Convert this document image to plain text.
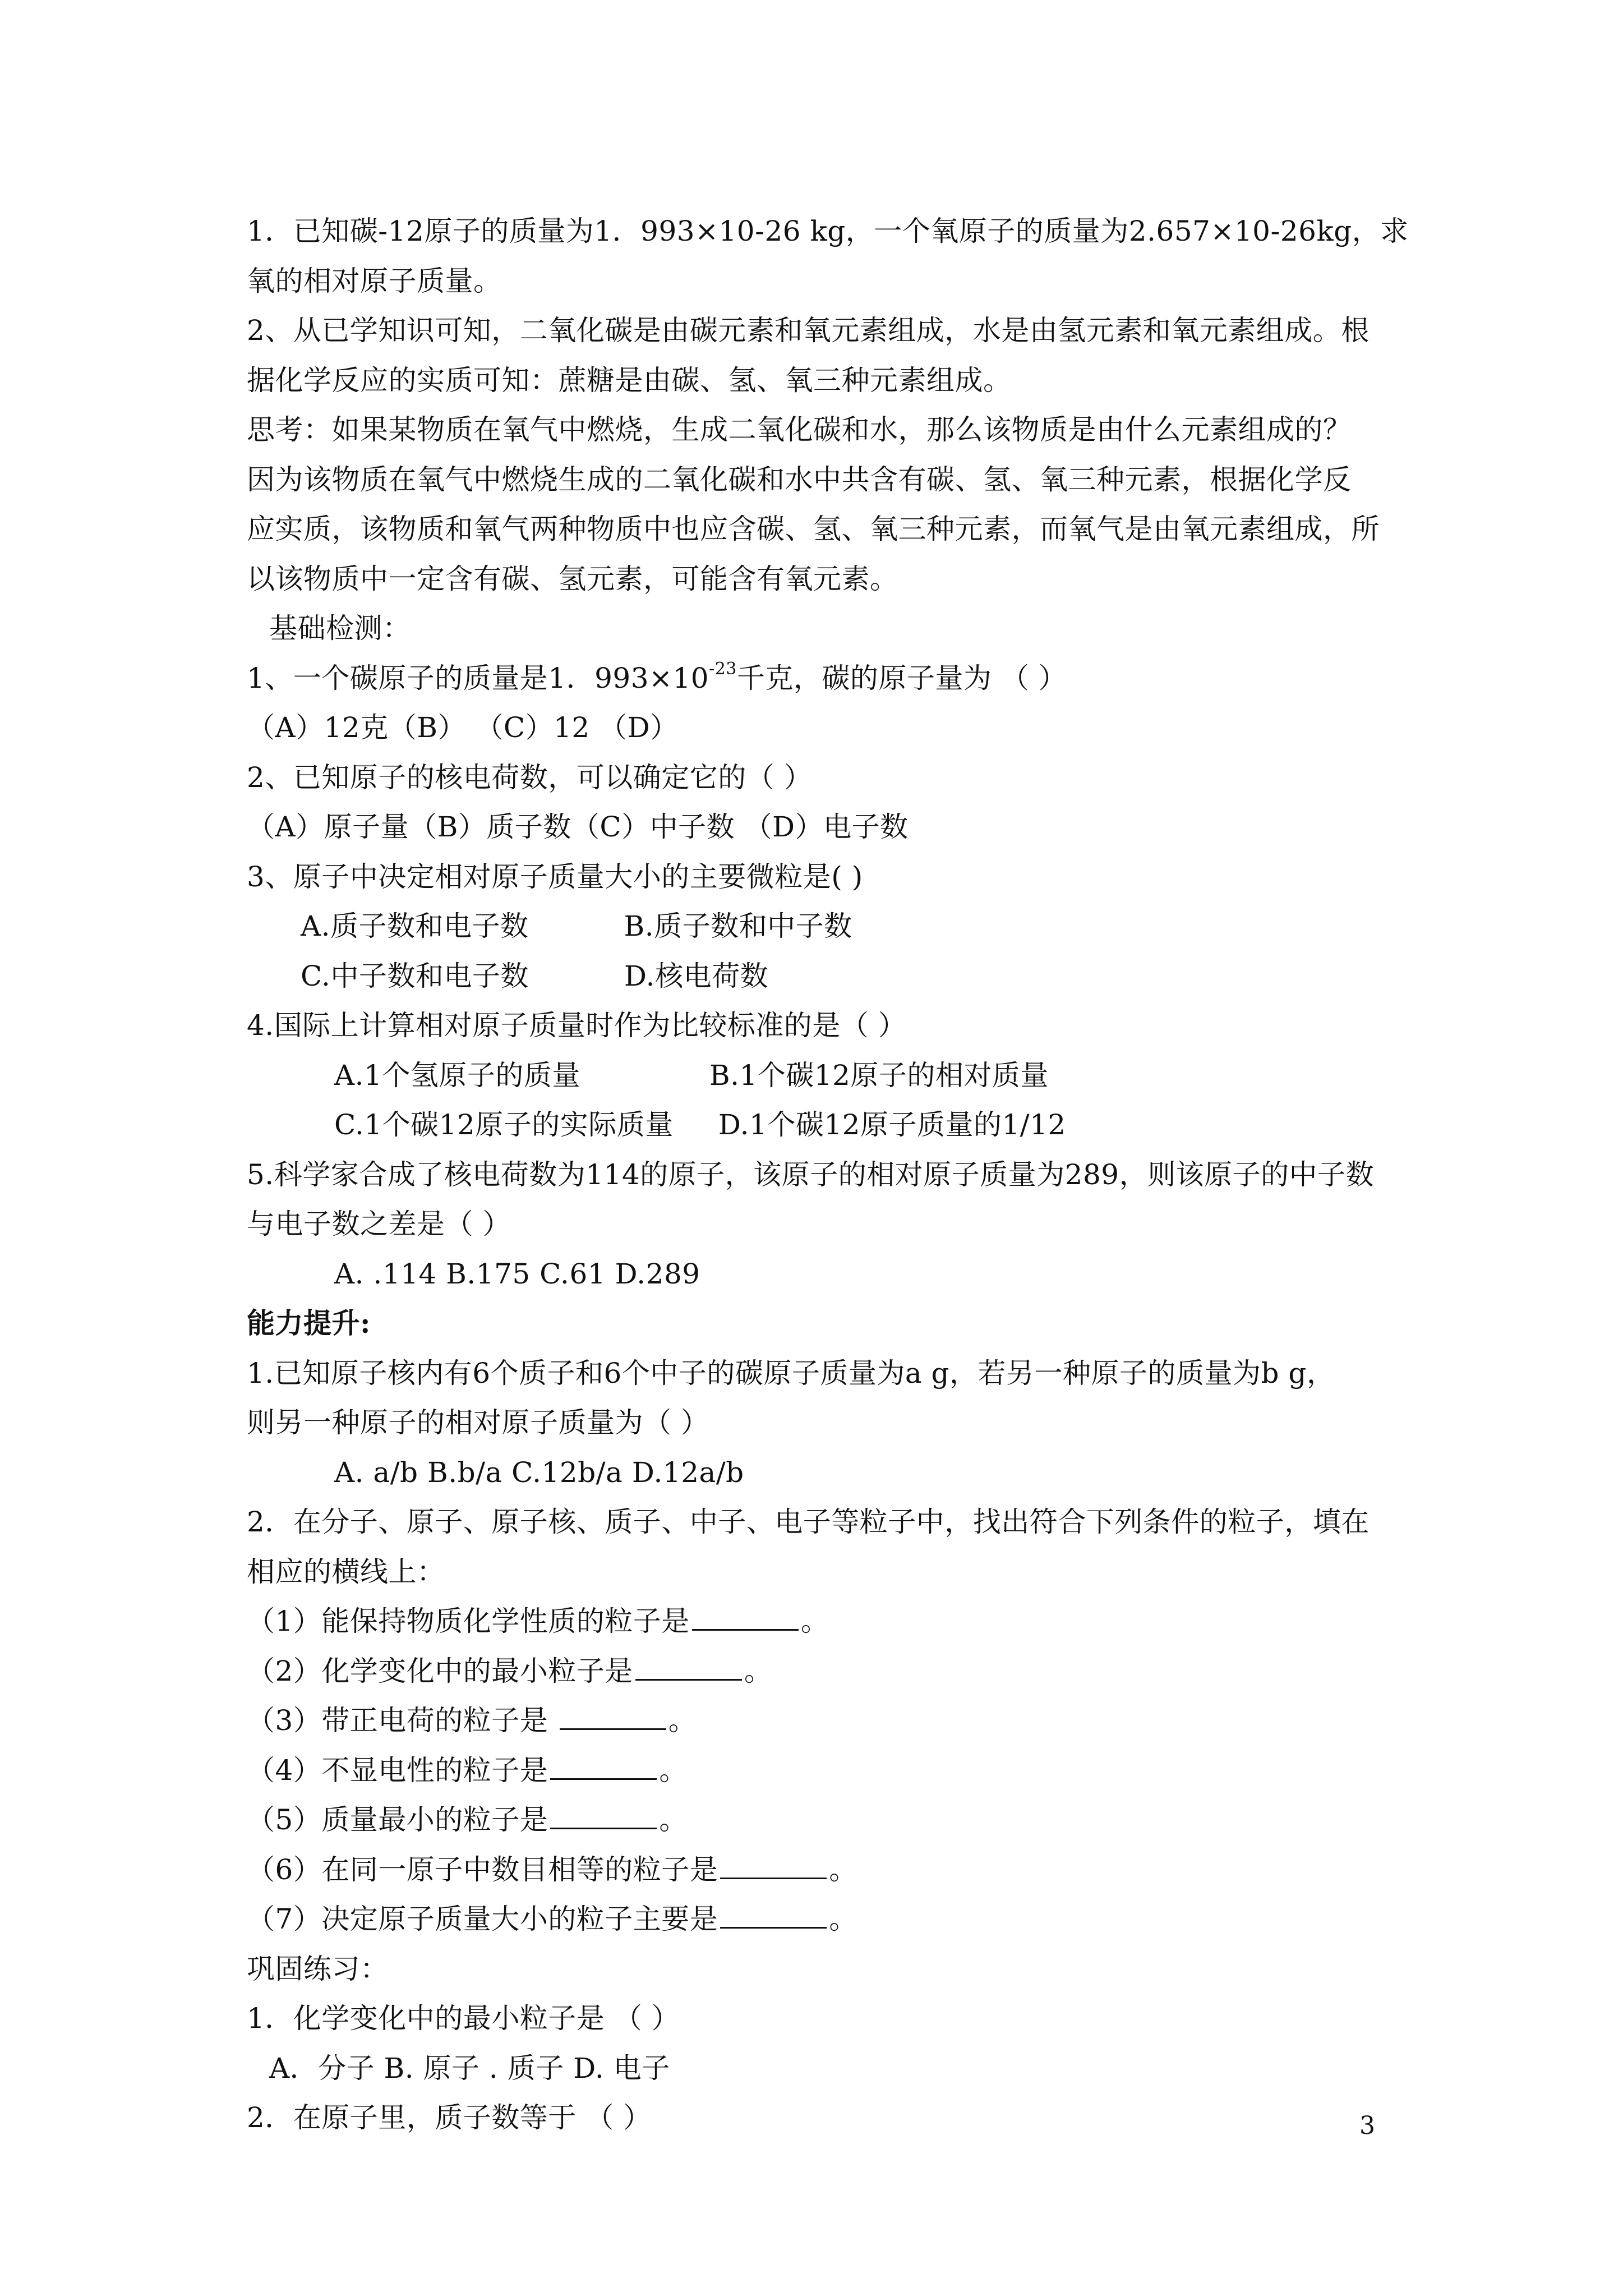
1．已知碳-12原子的质量为1．993×10-26 kg，一个氧原子的质量为2.657×10-26kg，求
氧的相对原子质量。
2、从已学知识可知，二氧化碳是由碳元素和氧元素组成，水是由氢元素和氧元素组成。根
据化学反应的实质可知：蔗糖是由碳、氢、氧三种元素组成。
思考：如果某物质在氧气中燃烧，生成二氧化碳和水，那么该物质是由什么元素组成的？
因为该物质在氧气中燃烧生成的二氧化碳和水中共含有碳、氢、氧三种元素，根据化学反
应实质，该物质和氧气两种物质中也应含碳、氢、氧三种元素，而氧气是由氧元素组成，所
以该物质中一定含有碳、氢元素，可能含有氧元素。
基础检测：
1、一个碳原子的质量是1．$993\times 10^{-23}$千克，碳的原子量为 （ ）
（A）12克（B） （C）12 （D）
2、已知原子的核电荷数，可以确定它的（ ）
（A）原子量（B）质子数（C）中子数 （D）电子数
3、原子中决定相对原子质量大小的主要微粒是( )
A.质子数和电子数	B.质子数和中子数
C.中子数和电子数	D.核电荷数
4.国际上计算相对原子质量时作为比较标准的是（ ）
A.1个氢原子的质量	B.1个碳12原子的相对质量
C.1个碳12原子的实际质量 D.1个碳12原子质量的1/12
5.科学家合成了核电荷数为114的原子，该原子的相对原子质量为289，则该原子的中子数
与电子数之差是（ ）
A. .114 B.175 C.61 D.289
能力提升:
1.已知原子核内有6个质子和6个中子的碳原子质量为a g，若另一种原子的质量为b g，
则另一种原子的相对原子质量为（ ）
A. a/b B.b/a C.12b/a D.12a/b
2．在分子、原子、原子核、质子、中子、电子等粒子中，找出符合下列条件的粒子，填在
相应的横线上：
（1）能保持物质化学性质的粒子是	。
（2）化学变化中的最小粒子是	。
（3）带正电荷的粒子是	。
（4）不显电性的粒子是	。
（5）质量最小的粒子是	。
（6）在同一原子中数目相等的粒子是	。
（7）决定原子质量大小的粒子主要是	。
巩固练习：
1．化学变化中的最小粒子是 （ ）
A．分子 B. 原子 . 质子 D. 电子
2．在原子里，质子数等于 （ ）	3
